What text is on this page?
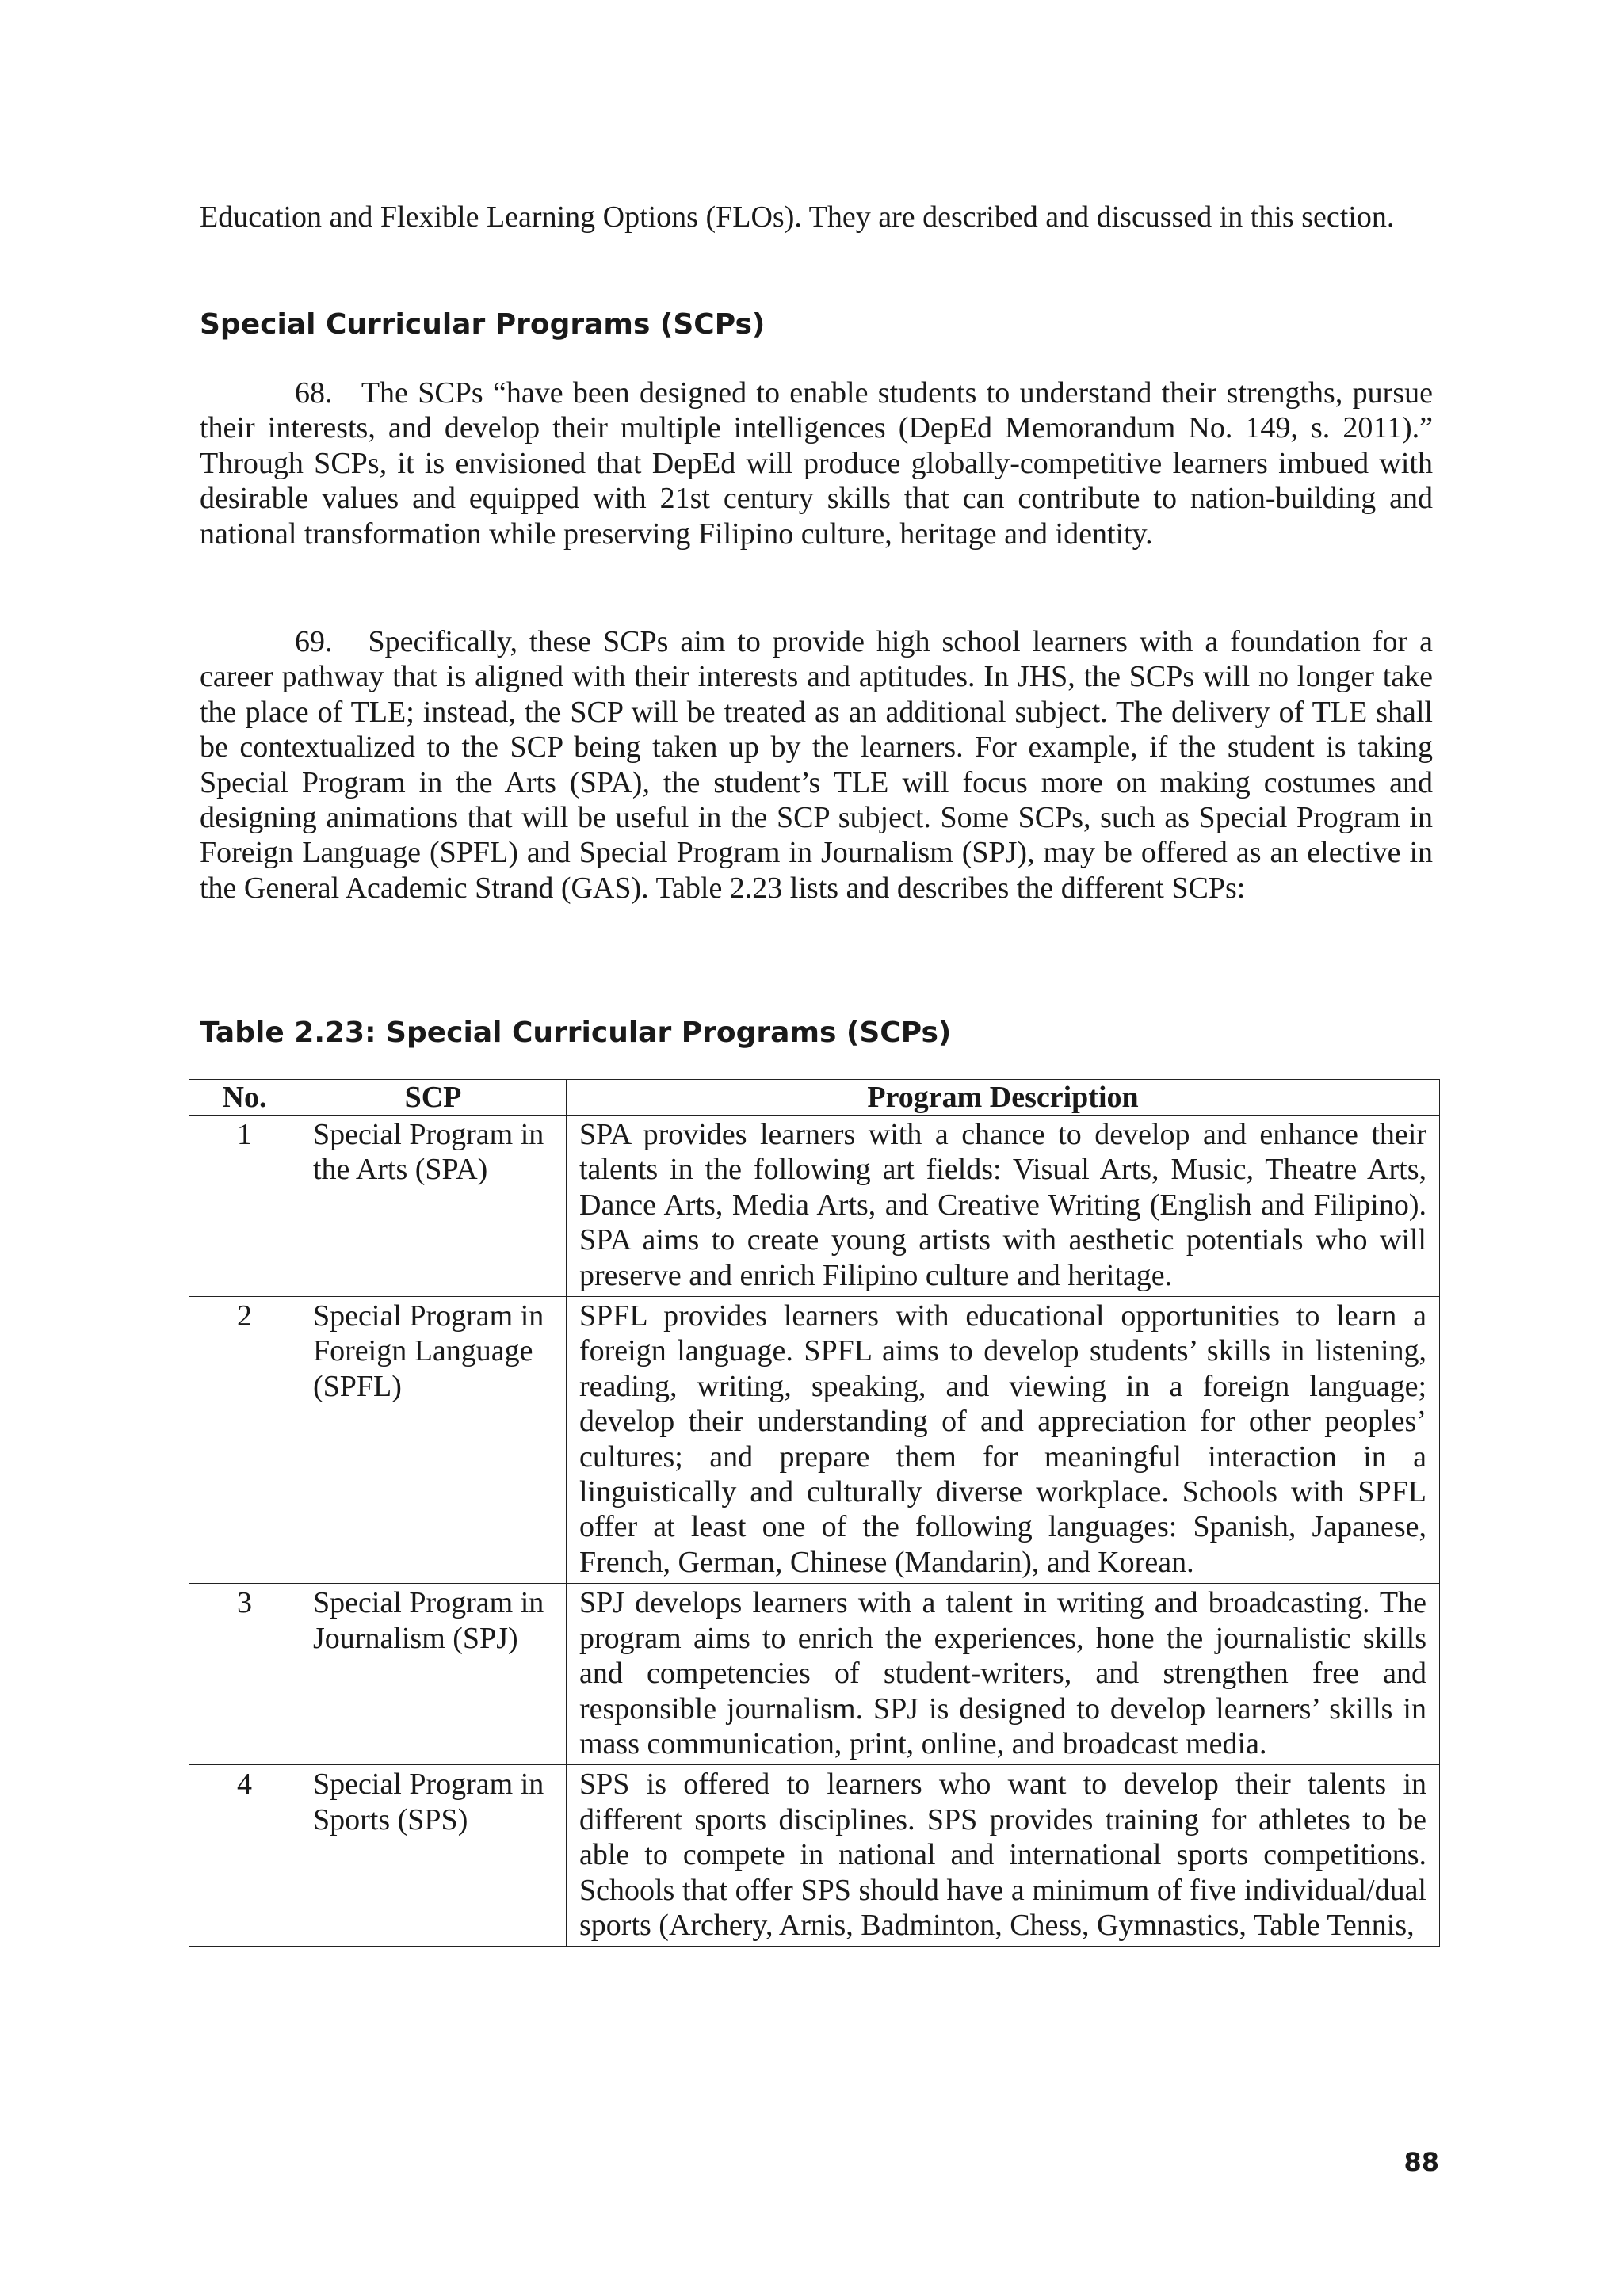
Education and Flexible Learning Options (FLOs). They are described and discussed in this section.

Special Curricular Programs (SCPs)

68. The SCPs “have been designed to enable students to understand their strengths, pursue their interests, and develop their multiple intelligences (DepEd Memorandum No. 149, s. 2011).” Through SCPs, it is envisioned that DepEd will produce globally-competitive learners imbued with desirable values and equipped with 21st century skills that can contribute to nation-building and national transformation while preserving Filipino culture, heritage and identity.

69. Specifically, these SCPs aim to provide high school learners with a foundation for a career pathway that is aligned with their interests and aptitudes. In JHS, the SCPs will no longer take the place of TLE; instead, the SCP will be treated as an additional subject. The delivery of TLE shall be contextualized to the SCP being taken up by the learners. For example, if the student is taking Special Program in the Arts (SPA), the student’s TLE will focus more on making costumes and designing animations that will be useful in the SCP subject. Some SCPs, such as Special Program in Foreign Language (SPFL) and Special Program in Journalism (SPJ), may be offered as an elective in the General Academic Strand (GAS). Table 2.23 lists and describes the different SCPs:

Table 2.23: Special Curricular Programs (SCPs)
No.	SCP	Program Description
1	Special Program in the Arts (SPA)	SPA provides learners with a chance to develop and enhance their talents in the following art fields: Visual Arts, Music, Theatre Arts, Dance Arts, Media Arts, and Creative Writing (English and Filipino). SPA aims to create young artists with aesthetic potentials who will preserve and enrich Filipino culture and heritage.
2	Special Program in Foreign Language (SPFL)	SPFL provides learners with educational opportunities to learn a foreign language. SPFL aims to develop students’ skills in listening, reading, writing, speaking, and viewing in a foreign language; develop their understanding of and appreciation for other peoples’ cultures; and prepare them for meaningful interaction in a linguistically and culturally diverse workplace. Schools with SPFL offer at least one of the following languages: Spanish, Japanese, French, German, Chinese (Mandarin), and Korean.
3	Special Program in Journalism (SPJ)	SPJ develops learners with a talent in writing and broadcasting. The program aims to enrich the experiences, hone the journalistic skills and competencies of student-writers, and strengthen free and responsible journalism. SPJ is designed to develop learners’ skills in mass communication, print, online, and broadcast media.
4	Special Program in Sports (SPS)	SPS is offered to learners who want to develop their talents in different sports disciplines. SPS provides training for athletes to be able to compete in national and international sports competitions. Schools that offer SPS should have a minimum of five individual/dual sports (Archery, Arnis, Badminton, Chess, Gymnastics, Table Tennis,
88
